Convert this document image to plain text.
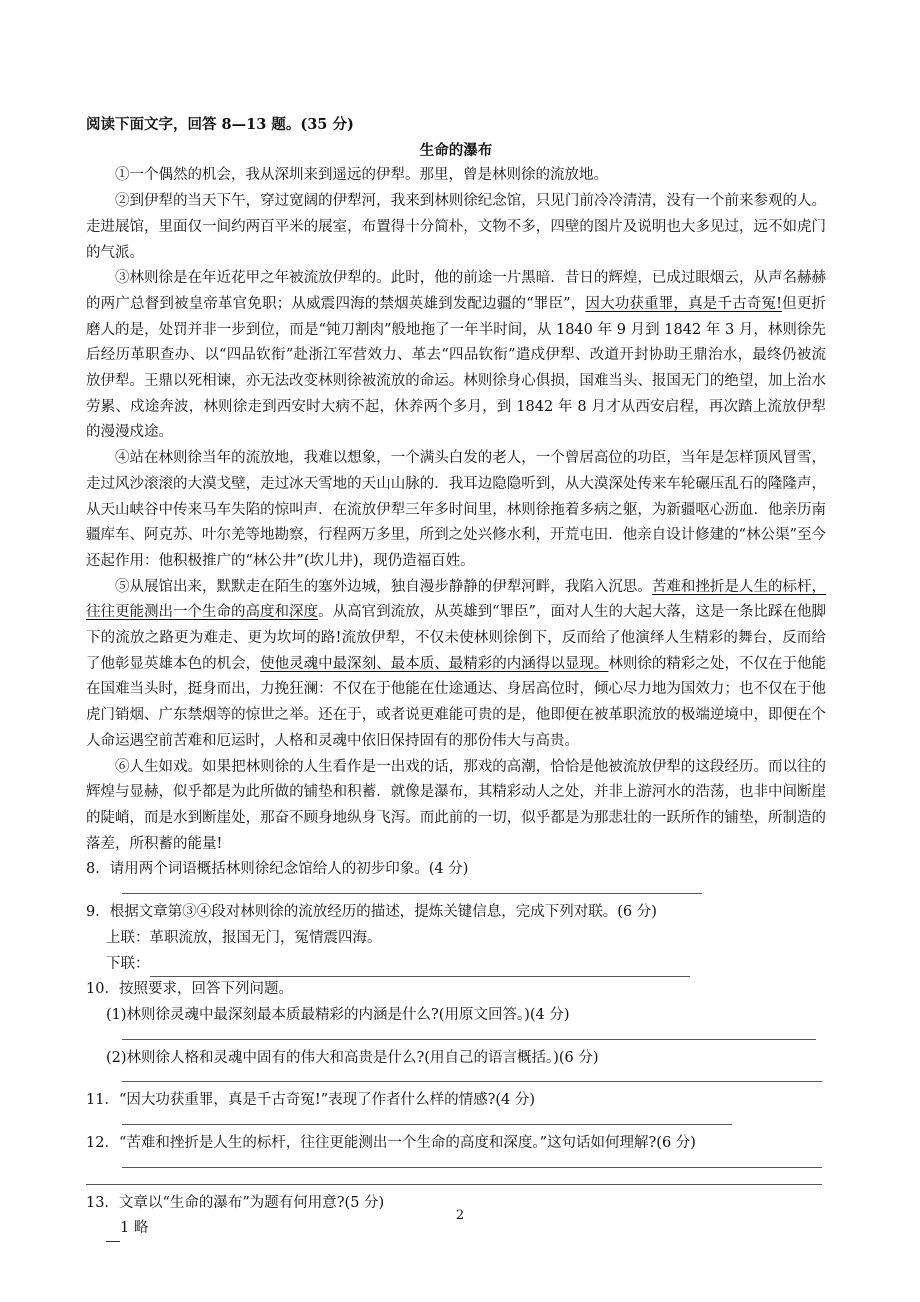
阅读下面文字，回答 8—13 题。(35 分)

生命的瀑布

①一个偶然的机会，我从深圳来到遥远的伊犁。那里，曾是林则徐的流放地。

②到伊犁的当天下午，穿过宽阔的伊犁河，我来到林则徐纪念馆，只见门前冷冷清清，没有一个前来参观的人。走进展馆，里面仅一间约两百平米的展室，布置得十分简朴，文物不多，四壁的图片及说明也大多见过，远不如虎门的气派。

③林则徐是在年近花甲之年被流放伊犁的。此时，他的前途一片黑暗．昔日的辉煌，已成过眼烟云，从声名赫赫的两广总督到被皇帝革官免职；从威震四海的禁烟英雄到发配边疆的“罪臣”，因大功获重罪，真是千古奇冤!但更折磨人的是，处罚并非一步到位，而是“钝刀割肉”般地拖了一年半时间，从 1840 年 9 月到 1842 年 3 月，林则徐先后经历革职查办、以“四品钦衔”赴浙江军营效力、革去“四品钦衔”遣戍伊犁、改道开封协助王鼎治水，最终仍被流放伊犁。王鼎以死相谏，亦无法改变林则徐被流放的命运。林则徐身心俱损，国难当头、报国无门的绝望，加上治水劳累、戍途奔波，林则徐走到西安时大病不起，休养两个多月，到 1842 年 8 月才从西安启程，再次踏上流放伊犁的漫漫戍途。

④站在林则徐当年的流放地，我难以想象，一个满头白发的老人，一个曾居高位的功臣，当年是怎样顶风冒雪，走过风沙滚滚的大漠戈壁，走过冰天雪地的天山山脉的．我耳边隐隐听到，从大漠深处传来车轮碾压乱石的隆隆声，从天山峡谷中传来马车失陷的惊叫声．在流放伊犁三年多时间里，林则徐拖着多病之躯，为新疆呕心沥血．他亲历南疆库车、阿克苏、叶尔羌等地勘察，行程两万多里，所到之处兴修水利，开荒屯田．他亲自设计修建的“林公渠”至今还起作用：他积极推广的“林公井”(坎儿井)，现仍造福百姓。

⑤从展馆出来，默默走在陌生的塞外边城，独自漫步静静的伊犁河畔，我陷入沉思。苦难和挫折是人生的标杆，往往更能测出一个生命的高度和深度。从高官到流放，从英雄到“罪臣”，面对人生的大起大落，这是一条比踩在他脚下的流放之路更为难走、更为坎坷的路!流放伊犁，不仅未使林则徐倒下，反而给了他演绎人生精彩的舞台，反而给了他彰显英雄本色的机会，使他灵魂中最深刻、最本质、最精彩的内涵得以显现。林则徐的精彩之处，不仅在于他能在国难当头时，挺身而出，力挽狂澜：不仅在于他能在仕途通达、身居高位时，倾心尽力地为国效力；也不仅在于他虎门销烟、广东禁烟等的惊世之举。还在于，或者说更难能可贵的是，他即便在被革职流放的极端逆境中，即便在个人命运遇空前苦难和厄运时，人格和灵魂中依旧保持固有的那份伟大与高贵。

⑥人生如戏。如果把林则徐的人生看作是一出戏的话，那戏的高潮，恰恰是他被流放伊犁的这段经历。而以往的辉煌与显赫，似乎都是为此所做的铺垫和积蓄．就像是瀑布，其精彩动人之处，并非上游河水的浩荡，也非中间断崖的陡峭，而是水到断崖处，那奋不顾身地纵身飞泻。而此前的一切，似乎都是为那悲壮的一跃所作的铺垫，所制造的落差，所积蓄的能量!

8．请用两个词语概括林则徐纪念馆给人的初步印象。(4 分)

9．根据文章第③④段对林则徐的流放经历的描述，提炼关键信息，完成下列对联。(6 分)

上联：革职流放，报国无门，冤情震四海。

下联：

10．按照要求，回答下列问题。

(1)林则徐灵魂中最深刻最本质最精彩的内涵是什么?(用原文回答。)(4 分)

(2)林则徐人格和灵魂中固有的伟大和高贵是什么?(用自己的语言概括。)(6 分)

11．“因大功获重罪，真是千古奇冤!”表现了作者什么样的情感?(4 分)

12．“苦难和挫折是人生的标杆，往往更能测出一个生命的高度和深度。”这句话如何理解?(6 分)

13．文章以“生命的瀑布”为题有何用意?(5 分)

1 略

2
